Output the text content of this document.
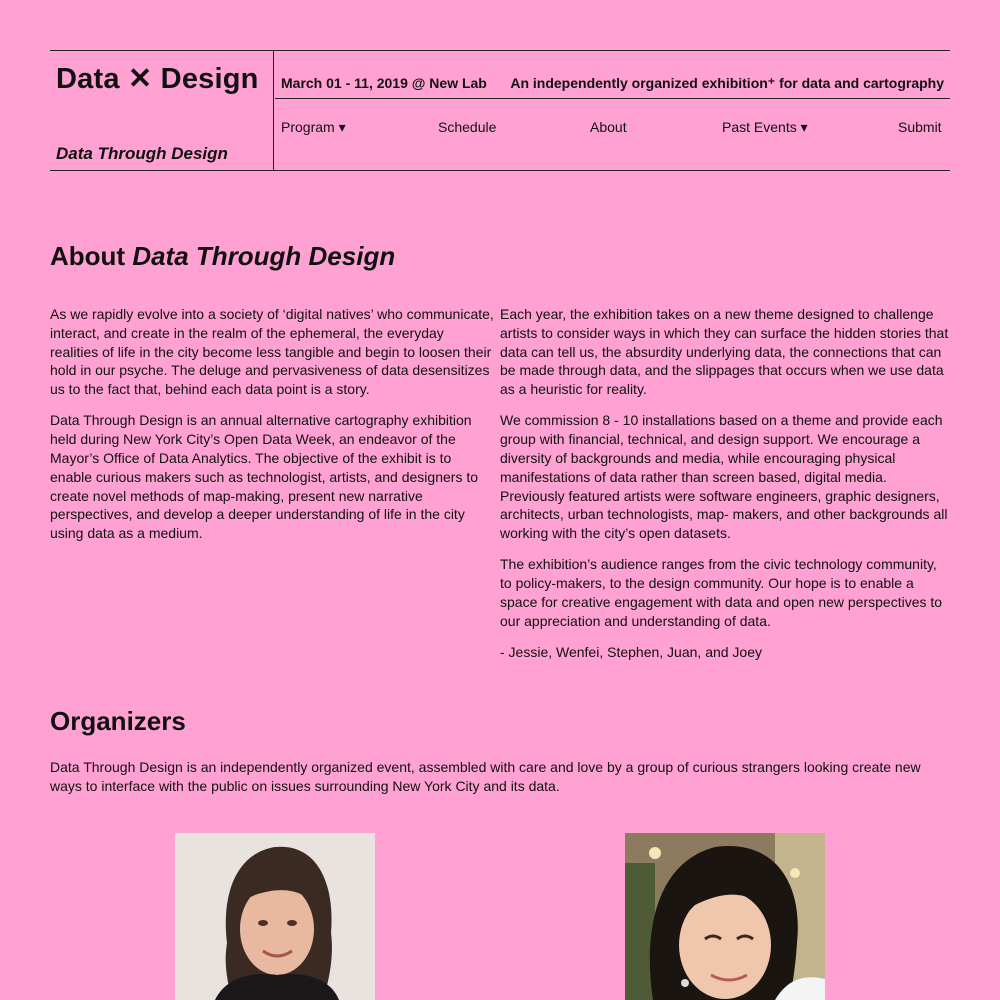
Data ✕ Design
Data Through Design
March 01 - 11, 2019 @ New Lab An independently organized exhibition⁺ for data and cartography
Program ▾	Schedule	About	Past Events ▾	Submit
About Data Through Design

As we rapidly evolve into a society of ‘digital natives’ who communicate, interact, and create in the realm of the ephemeral, the everyday realities of life in the city become less tangible and begin to loosen their hold in our psyche. The deluge and pervasiveness of data desensitizes us to the fact that, behind each data point is a story.

Data Through Design is an annual alternative cartography exhibition held during New York City’s Open Data Week, an endeavor of the Mayor’s Office of Data Analytics. The objective of the exhibit is to enable curious makers such as technologist, artists, and designers to create novel methods of map-making, present new narrative perspectives, and develop a deeper understanding of life in the city using data as a medium.

Each year, the exhibition takes on a new theme designed to challenge artists to consider ways in which they can surface the hidden stories that data can tell us, the absurdity underlying data, the connections that can be made through data, and the slippages that occurs when we use data as a heuristic for reality.

We commission 8 - 10 installations based on a theme and provide each group with financial, technical, and design support. We encourage a diversity of backgrounds and media, while encouraging physical manifestations of data rather than screen based, digital media. Previously featured artists were software engineers, graphic designers, architects, urban technologists, map- makers, and other backgrounds all working with the city’s open datasets.

The exhibition’s audience ranges from the civic technology community, to policy-makers, to the design community. Our hope is to enable a space for creative engagement with data and open new perspectives to our appreciation and understanding of data.

- Jessie, Wenfei, Stephen, Juan, and Joey

Organizers

Data Through Design is an independently organized event, assembled with care and love by a group of curious strangers looking create new ways to interface with the public on issues surrounding New York City and its data.
